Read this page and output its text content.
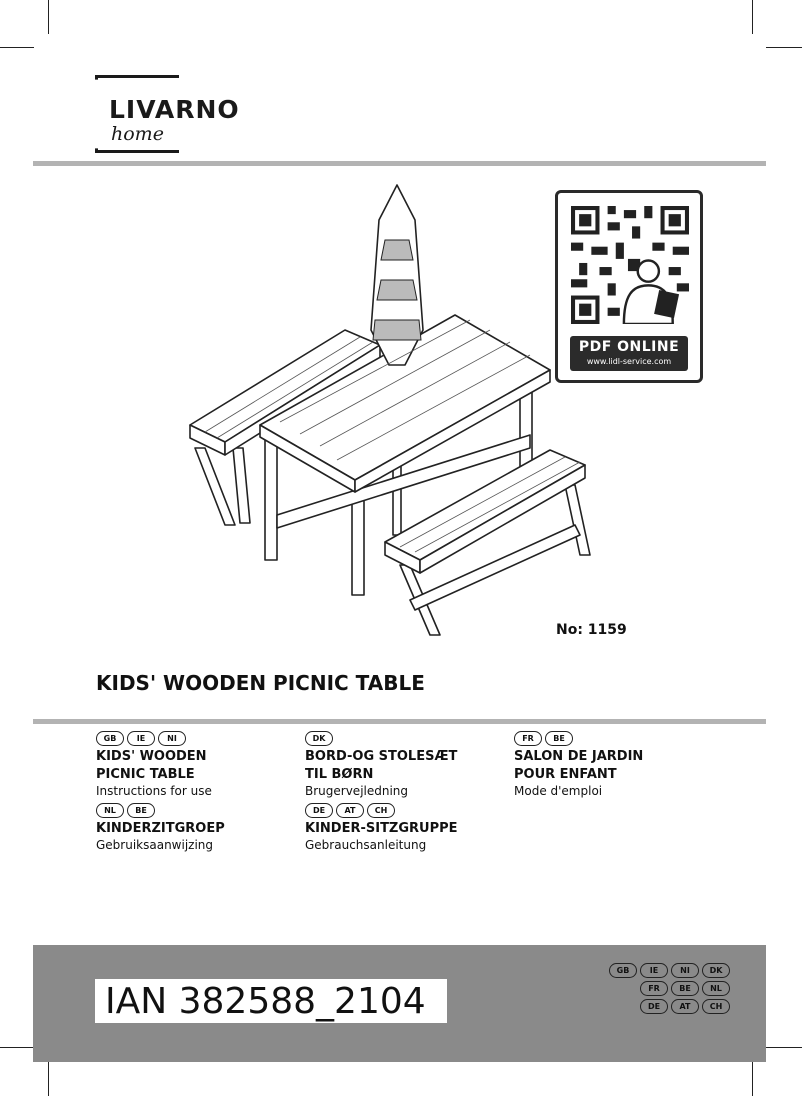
LIVARNO
home
PDF ONLINE
www.lidl-service.com
No: 1159
KIDS' WOODEN PICNIC TABLE
GB	IE	NI
KIDS' WOODEN
PICNIC TABLE
Instructions for use
DK
BORD-OG STOLESÆT
TIL BØRN
Brugervejledning
FR	BE
SALON DE JARDIN
POUR ENFANT
Mode d'emploi
NL	BE
KINDERZITGROEP
Gebruiksaanwijzing
DE	AT	CH
KINDER-SITZGRUPPE
Gebrauchsanleitung
IAN 382588_2104
GB	IE	NI	DK
FR	BE	NL
DE	AT	CH
